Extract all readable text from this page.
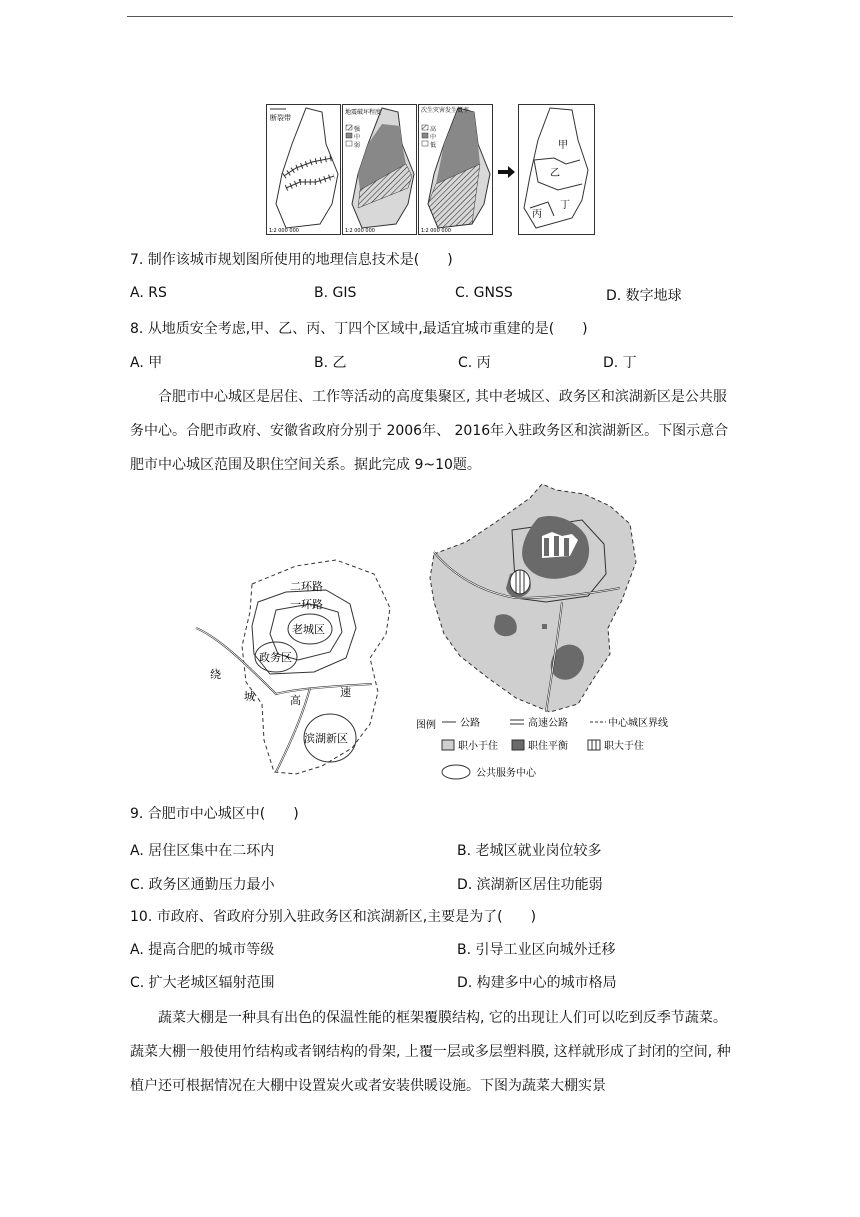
断裂带
1∶2 000 000
地震破坏程度
强
中
弱
1∶2 000 000
次生灾害发生概率
高
中
低
1∶2 000 000
甲
乙
丙
丁
7. 制作该城市规划图所使用的地理信息技术是(　　)
A. RS	B. GIS	C. GNSS	D. 数字地球
8. 从地质安全考虑,甲、乙、丙、丁四个区域中,最适宜城市重建的是(　　)
A. 甲	B. 乙	C. 丙	D. 丁

合肥市中心城区是居住、工作等活动的高度集聚区, 其中老城区、政务区和滨湖新区是公共服务中心。合肥市政府、安徽省政府分别于 2006年、 2016年入驻政务区和滨湖新区。下图示意合肥市中心城区范围及职住空间关系。据此完成 9~10题。

二环路
一环路
老城区
政务区
滨湖新区
绕
城	高
速
图例 公路	高速公路	中心城区界线
职小于住	职住平衡	职大于住
公共服务中心
9. 合肥市中心城区中(　　)
A. 居住区集中在二环内	B. 老城区就业岗位较多
C. 政务区通勤压力最小	D. 滨湖新区居住功能弱
10. 市政府、省政府分别入驻政务区和滨湖新区,主要是为了(　　)
A. 提高合肥的城市等级	B. 引导工业区向城外迁移
C. 扩大老城区辐射范围	D. 构建多中心的城市格局

蔬菜大棚是一种具有出色的保温性能的框架覆膜结构, 它的出现让人们可以吃到反季节蔬菜。蔬菜大棚一般使用竹结构或者钢结构的骨架, 上覆一层或多层塑料膜, 这样就形成了封闭的空间, 种植户还可根据情况在大棚中设置炭火或者安装供暖设施。下图为蔬菜大棚实景
